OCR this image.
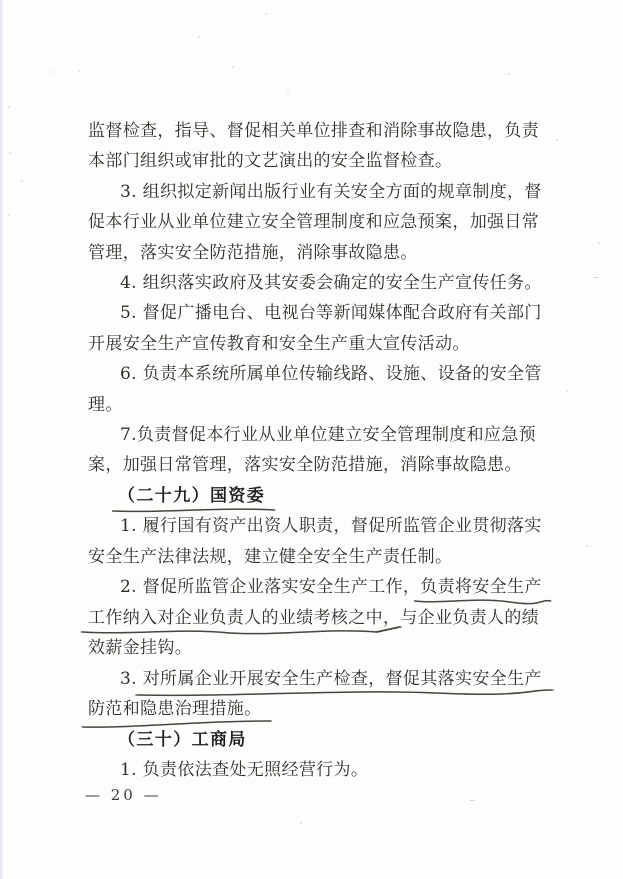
监督检查，指导、督促相关单位排查和消除事故隐患，负责
本部门组织或审批的文艺演出的安全监督检查。
3. 组织拟定新闻出版行业有关安全方面的规章制度，督
促本行业从业单位建立安全管理制度和应急预案，加强日常
管理，落实安全防范措施，消除事故隐患。
4. 组织落实政府及其安委会确定的安全生产宣传任务。
5. 督促广播电台、电视台等新闻媒体配合政府有关部门
开展安全生产宣传教育和安全生产重大宣传活动。
6. 负责本系统所属单位传输线路、设施、设备的安全管
理。
7.负责督促本行业从业单位建立安全管理制度和应急预
案，加强日常管理，落实安全防范措施，消除事故隐患。
（二十九）国资委
1. 履行国有资产出资人职责，督促所监管企业贯彻落实
安全生产法律法规，建立健全安全生产责任制。
2. 督促所监管企业落实安全生产工作，负责将安全生产
工作纳入对企业负责人的业绩考核之中，
与企业负责人的绩
效薪金挂钩。
3. 对所属企业开展安全生产检查，督促其落实安全生产
防范和隐患治理措施。
（三十）工商局
1. 负责依法查处无照经营行为。
— 20 —
